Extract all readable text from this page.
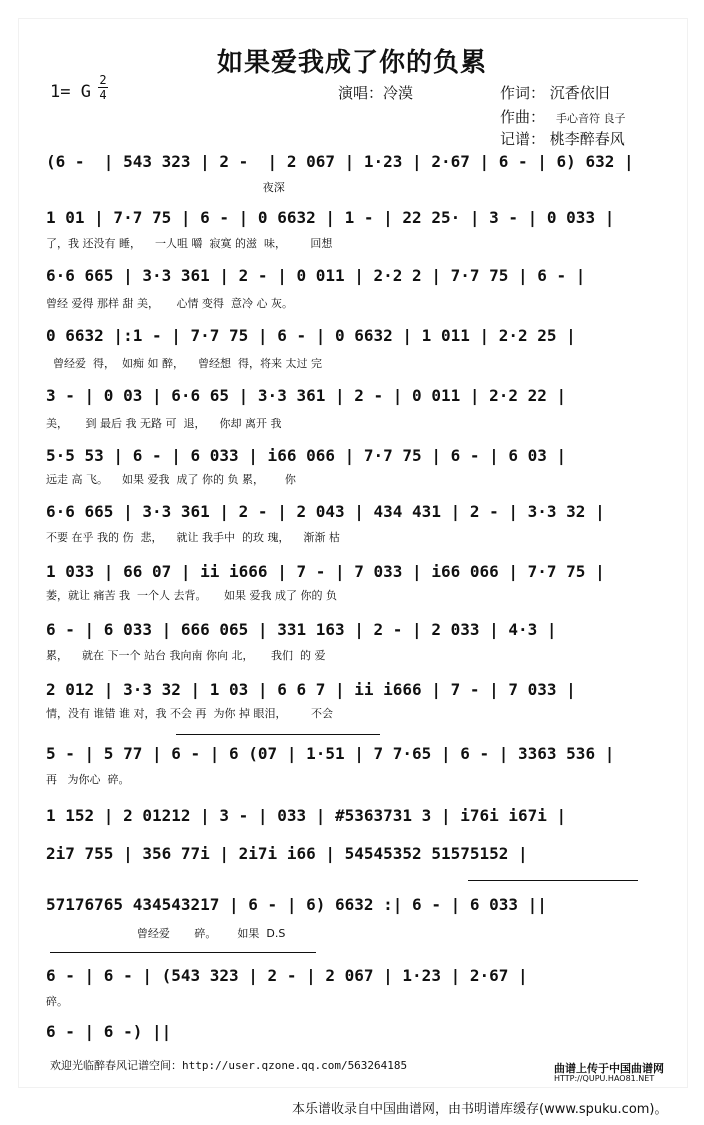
如果爱我成了你的负累
1= G
2
4	演唱：冷漠	作词： 沉香依旧
作曲： 手心音符 良子
记谱： 桃李醉春风
(6 -  | 543 323 | 2 -  | 2 067 | 1·23 | 2·67 | 6 - | 6) 632 |
夜深
1 01 | 7·7 75 | 6 - | 0 6632 | 1 - | 22 25· | 3 - | 0 033 |
了，我 还没有 睡，    一人咀 嚼  寂寞 的滋  味，       回想
6·6 665 | 3·3 361 | 2 - | 0 011 | 2·2 2 | 7·7 75 | 6 - |
曾经 爱得 那样 甜 美，     心情 变得  意冷 心 灰。
0 6632 |:1 - | 7·7 75 | 6 - | 0 6632 | 1 011 | 2·2 25 |
曾经爱  得，  如痴 如 醉，    曾经想  得，将来 太过 完
3 - | 0 03 | 6·6 65 | 3·3 361 | 2 - | 0 011 | 2·2 22 |
美，     到 最后 我 无路 可  退，    你却 离开 我
5·5 53 | 6 - | 6 033 | i66 066 | 7·7 75 | 6 - | 6 03 |
远走 高 飞。    如果 爱我  成了 你的 负 累，      你
6·6 665 | 3·3 361 | 2 - | 2 043 | 434 431 | 2 - | 3·3 32 |
不要 在乎 我的 伤  悲，    就让 我手中  的玫 瑰，    渐渐 枯
1 033 | 66 07 | ii i666 | 7 - | 7 033 | i66 066 | 7·7 75 |
萎，就让 痛苦 我  一个人 去背。     如果 爱我 成了 你的 负
6 - | 6 033 | 666 065 | 331 163 | 2 - | 2 033 | 4·3 |
累，    就在 下一个 站台 我向南 你向 北，     我们  的 爱
2 012 | 3·3 32 | 1 03 | 6 6 7 | ii i666 | 7 - | 7 033 |
情，没有 谁错 谁 对，我 不会 再  为你 掉 眼泪，       不会
5 - | 5 77 | 6 - | 6 (07 | 1·51 | 7 7·65 | 6 - | 3363 536 |
再   为你心  碎。
1 152 | 2 01212 | 3 - | 033 | #5363731 3 | i76i i67i |
2i7 755 | 356 77i | 2i7i i66 | 54545352 51575152 |
57176765 434543217 | 6 - | 6) 6632 :| 6 - | 6 033 ||
曾经爱       碎。      如果  D.S
6 - | 6 - | (543 323 | 2 - | 2 067 | 1·23 | 2·67 |
碎。
6 - | 6 -) ||
欢迎光临醉春风记谱空间：http://user.qzone.qq.com/563264185	曲谱上传于中国曲谱网
HTTP://QUPU.HAO81.NET
本乐谱收录自中国曲谱网，由书明谱库缓存(www.spuku.com)。
